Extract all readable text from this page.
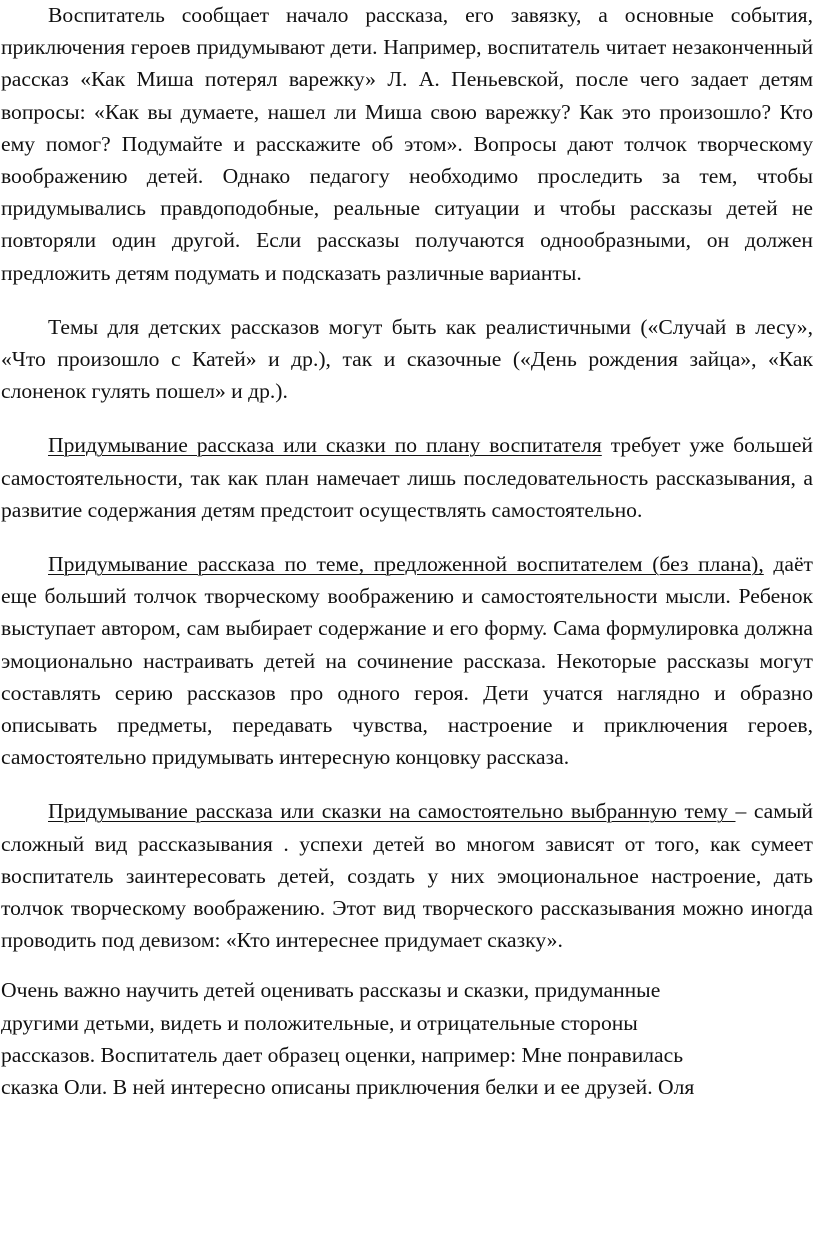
Воспитатель сообщает начало рассказа, его завязку, а основные события, приключения героев придумывают дети. Например, воспитатель читает незаконченный рассказ «Как Миша потерял варежку» Л. А. Пеньевской, после чего задает детям вопросы: «Как вы думаете, нашел ли Миша свою варежку? Как это произошло? Кто ему помог? Подумайте и расскажите об этом». Вопросы дают толчок творческому воображению детей. Однако педагогу необходимо проследить за тем, чтобы придумывались правдоподобные, реальные ситуации и чтобы рассказы детей не повторяли один другой. Если рассказы получаются однообразными, он должен предложить детям подумать и подсказать различные варианты.

Темы для детских рассказов могут быть как реалистичными («Случай в лесу», «Что произошло с Катей» и др.), так и сказочные («День рождения зайца», «Как слоненок гулять пошел» и др.).

Придумывание рассказа или сказки по плану воспитателя требует уже большей самостоятельности, так как план намечает лишь последовательность рассказывания, а развитие содержания детям предстоит осуществлять самостоятельно.

Придумывание рассказа по теме, предложенной воспитателем (без плана), даёт еще больший толчок творческому воображению и самостоятельности мысли. Ребенок выступает автором, сам выбирает содержание и его форму. Сама формулировка должна эмоционально настраивать детей на сочинение рассказа. Некоторые рассказы могут составлять серию рассказов про одного героя. Дети учатся наглядно и образно описывать предметы, передавать чувства, настроение и приключения героев, самостоятельно придумывать интересную концовку рассказа.

Придумывание рассказа или сказки на самостоятельно выбранную тему – самый сложный вид рассказывания . успехи детей во многом зависят от того, как сумеет воспитатель заинтересовать детей, создать у них эмоциональное настроение, дать толчок творческому воображению. Этот вид творческого рассказывания можно иногда проводить под девизом: «Кто интереснее придумает сказку».

Очень важно научить детей оценивать рассказы и сказки, придуманные
другими детьми, видеть и положительные, и отрицательные стороны
рассказов. Воспитатель дает образец оценки, например: Мне понравилась
сказка Оли. В ней интересно описаны приключения белки и ее друзей. Оля
